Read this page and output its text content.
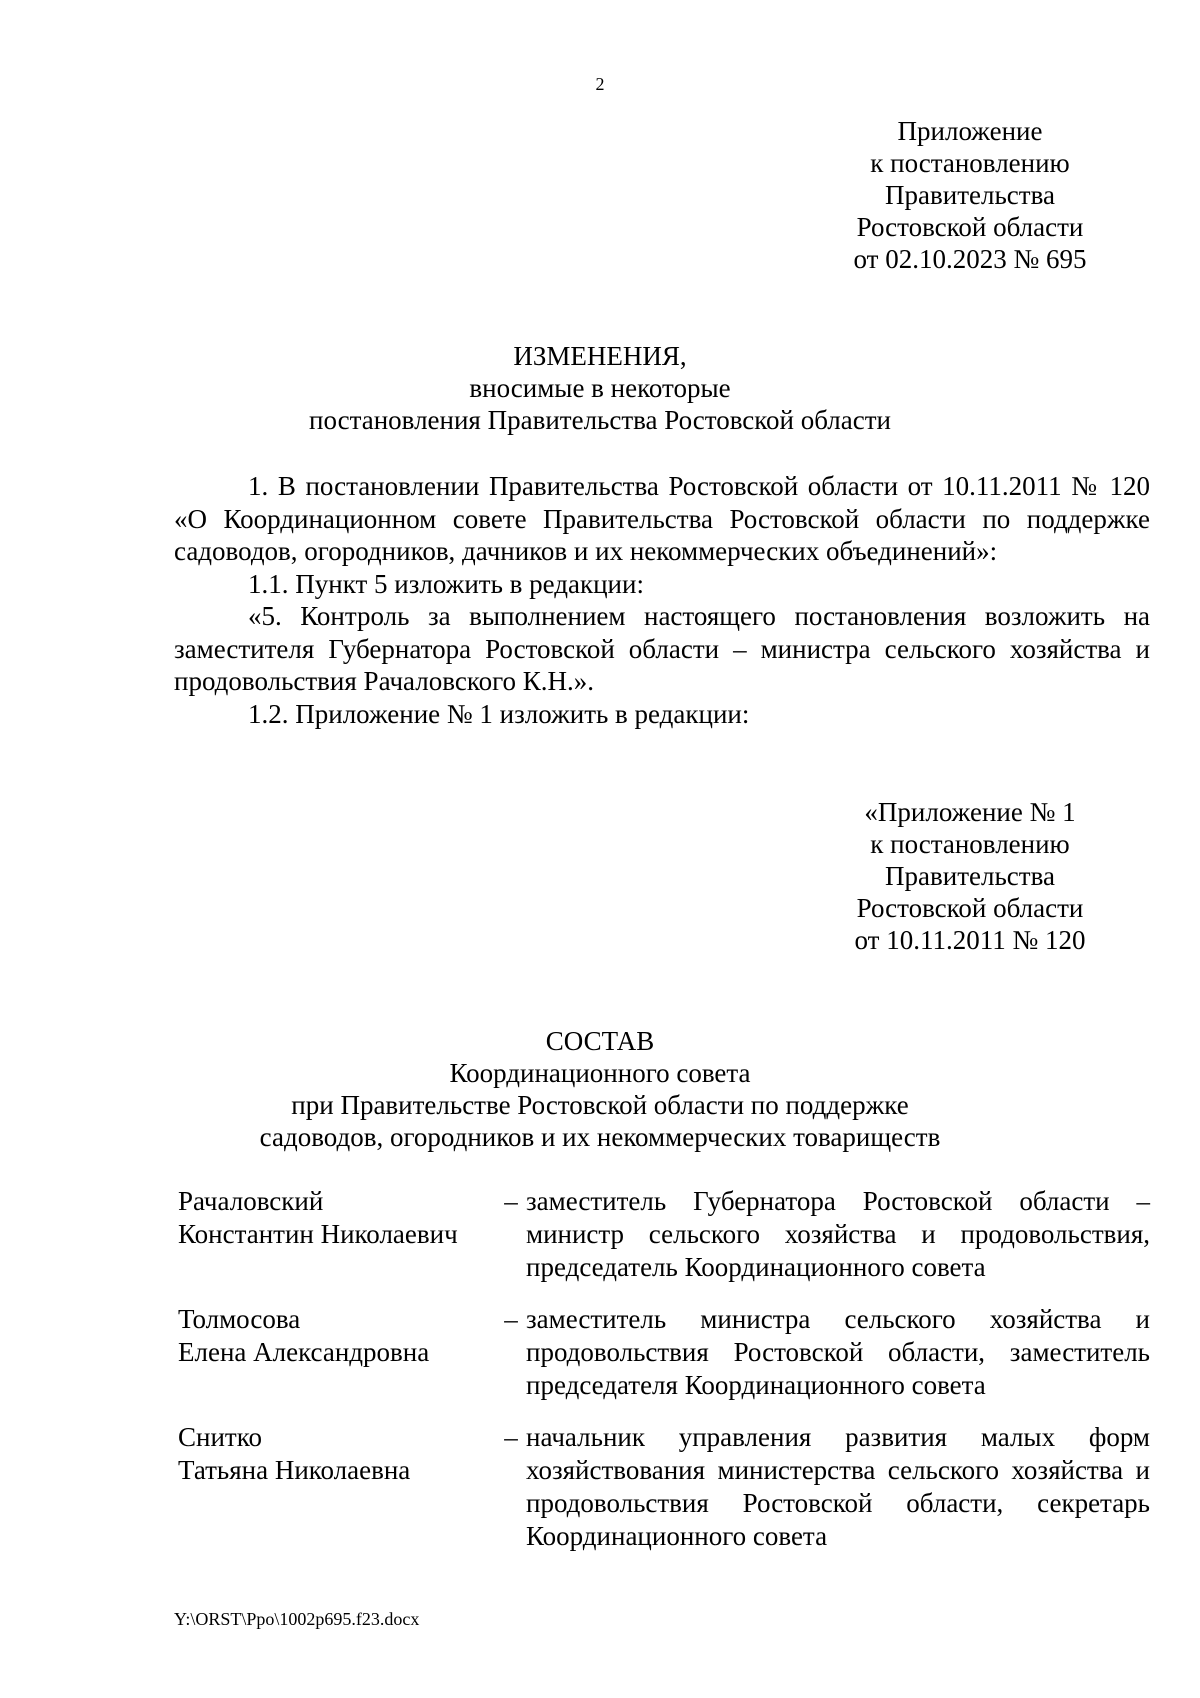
2
Приложение
к постановлению
Правительства
Ростовской области
от 02.10.2023 № 695
ИЗМЕНЕНИЯ,
вносимые в некоторые
постановления Правительства Ростовской области

1. В постановлении Правительства Ростовской области от 10.11.2011 № 120 «О Координационном совете Правительства Ростовской области по поддержке садоводов, огородников, дачников и их некоммерческих объединений»:

1.1. Пункт 5 изложить в редакции:

«5. Контроль за выполнением настоящего постановления возложить на заместителя Губернатора Ростовской области – министра сельского хозяйства и продовольствия Рачаловского К.Н.».

1.2. Приложение № 1 изложить в редакции:

«Приложение № 1
к постановлению
Правительства
Ростовской области
от 10.11.2011 № 120
СОСТАВ
Координационного совета
при Правительстве Ростовской области по поддержке
садоводов, огородников и их некоммерческих товариществ
Рачаловский
Константин Николаевич
– заместитель Губернатора Ростовской области – министр сельского хозяйства и продовольствия, председатель Координационного совета
Толмосова
Елена Александровна
– заместитель министра сельского хозяйства и продовольствия Ростовской области, заместитель председателя Координационного совета
Снитко
Татьяна Николаевна
– начальник управления развития малых форм хозяйствования министерства сельского хозяйства и продовольствия Ростовской области, секретарь Координационного совета
Y:\ORST\Ppo\1002p695.f23.docx
